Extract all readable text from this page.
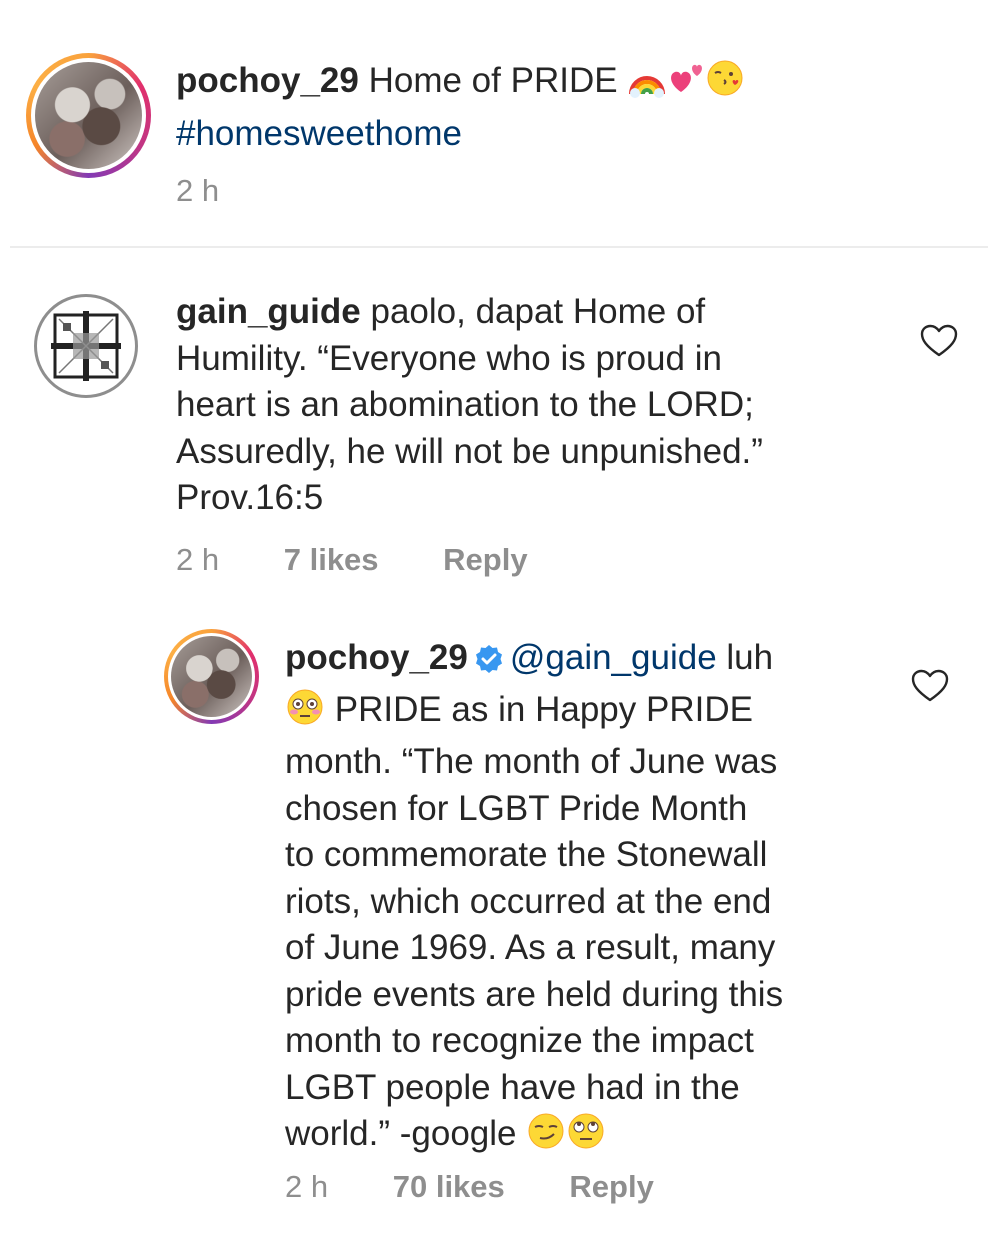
pochoy_29 Home of PRIDE
#homesweethome
2 h
gain_guide paolo, dapat Home of
Humility. “Everyone who is proud in
heart is an abomination to the LORD;
Assuredly, he will not be unpunished.”
Prov.16:5
2 h 7 likes Reply
pochoy_29 @gain_guide luh
PRIDE as in Happy PRIDE
month. “The month of June was
chosen for LGBT Pride Month
to commemorate the Stonewall
riots, which occurred at the end
of June 1969. As a result, many
pride events are held during this
month to recognize the impact
LGBT people have had in the
world.” -google
2 h 70 likes Reply
